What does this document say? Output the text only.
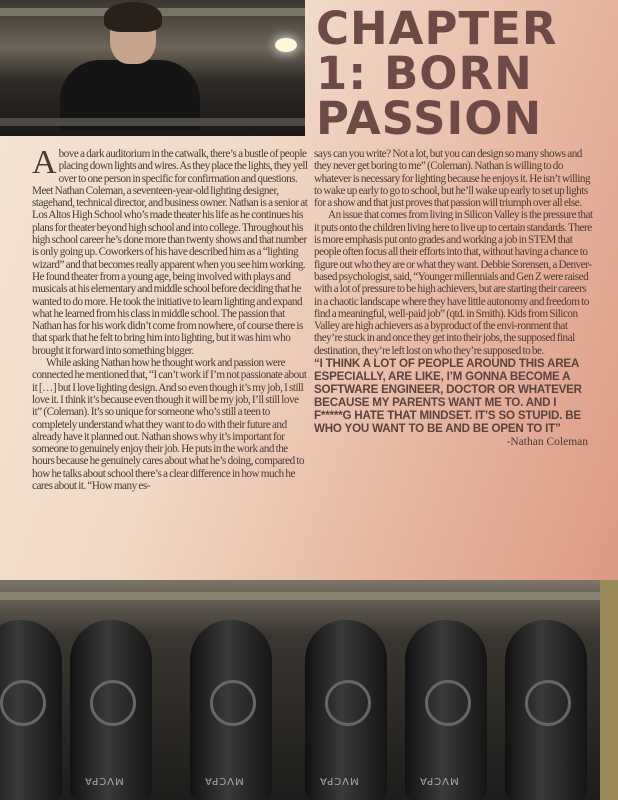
CHAPTER 1: BORN PASSION

Above a dark auditorium in the catwalk, there’s a bustle of people placing down lights and wires. As they place the lights, they yell over to one person in specific for confirmation and questions. Meet Nathan Coleman, a seventeen-year-old lighting designer, stagehand, technical director, and business owner. Nathan is a senior at Los Altos High School who’s made theater his life as he continues his plans for theater beyond high school and into college. Throughout his high school career he’s done more than twenty shows and that number is only going up. Coworkers of his have described him as a “lighting wizard” and that becomes really apparent when you see him working. He found theater from a young age, being involved with plays and musicals at his elementary and middle school before deciding that he wanted to do more. He took the initiative to learn lighting and expand what he learned from his class in middle school. The passion that Nathan has for his work didn’t come from nowhere, of course there is that spark that he felt to bring him into lighting, but it was him who brought it forward into something bigger.

While asking Nathan how he thought work and passion were connected he mentioned that, “I can’t work if I’m not passionate about it […] but I love lighting design. And so even though it’s my job, I still love it. I think it’s because even though it will be my job, I’ll still love it” (Coleman). It’s so unique for someone who’s still a teen to completely understand what they want to do with their future and already have it planned out. Nathan shows why it’s important for someone to genuinely enjoy their job. He puts in the work and the hours because he genuinely cares about what he’s doing, compared to how he talks about school there’s a clear difference in how much he cares about it. “How many es-

says can you write? Not a lot, but you can design so many shows and they never get boring to me” (Coleman). Nathan is willing to do whatever is necessary for lighting because he enjoys it. He isn’t willing to wake up early to go to school, but he’ll wake up early to set up lights for a show and that just proves that passion will triumph over all else.

An issue that comes from living in Silicon Valley is the pressure that it puts onto the children living here to live up to certain standards. There is more emphasis put onto grades and working a job in STEM that people often focus all their efforts into that, without having a chance to figure out who they are or what they want. Debbie Sorensen, a Denver-based psychologist, said, “Younger millennials and Gen Z were raised with a lot of pressure to be high achievers, but are starting their careers in a chaotic landscape where they have little autonomy and freedom to find a meaningful, well-paid job” (qtd. in Smith). Kids from Silicon Valley are high achievers as a byproduct of the envi-ronment that they’re stuck in and once they get into their jobs, the supposed final destination, they’re left lost on who they’re supposed to be.

“I THINK A LOT OF PEOPLE AROUND THIS AREA ESPECIALLY, ARE LIKE, I’M GONNA BECOME A SOFTWARE ENGINEER, DOCTOR OR WHATEVER BECAUSE MY PARENTS WANT ME TO. AND I F*****G HATE THAT MINDSET. IT’S SO STUPID. BE WHO YOU WANT TO BE AND BE OPEN TO IT”

-Nathan Coleman
MVCPA	MVCPA	MVCPA	MVCPA
